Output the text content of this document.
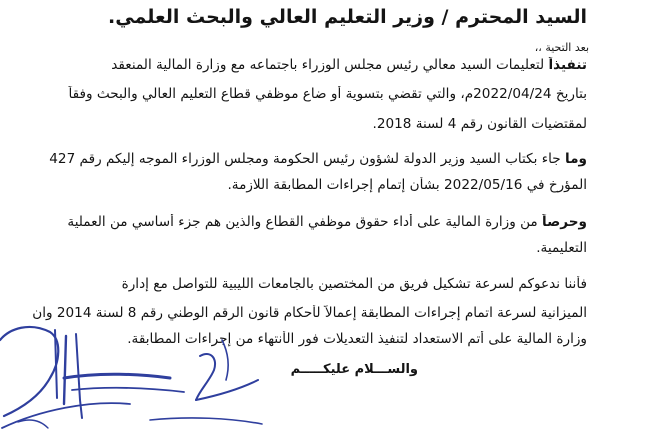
السيد المحترم / وزير التعليم العالي والبحث العلمي.
بعد التحية ،،
تنفيذاً لتعليمات السيد معالي رئيس مجلس الوزراء باجتماعه مع وزارة المالية المنعقد
بتاريخ 2022/04/24م، والتي تقضي بتسوية أو ضاع موظفي قطاع التعليم العالي والبحث وفقاً
لمقتضيات القانون رقم 4 لسنة 2018.
وما جاء بكتاب السيد وزير الدولة لشؤون رئيس الحكومة ومجلس الوزراء الموجه إليكم رقم 427
المؤرخ في 2022/05/16 بشأن إتمام إجراءات المطابقة اللازمة.
وحرصاً من وزارة المالية على أداء حقوق موظفي القطاع والذين هم جزء أساسي من العملية
التعليمية.
فأننا ندعوكم لسرعة تشكيل فريق من المختصين بالجامعات الليبية للتواصل مع إدارة
الميزانية لسرعة اتمام إجراءات المطابقة إعمالاً لأحكام قانون الرقم الوطني رقم 8 لسنة 2014 وان
وزارة المالية على أتم الاستعداد لتنفيذ التعديلات فور الأنتهاء من إجراءات المطابقة.
والســـلام عليكـــــم
